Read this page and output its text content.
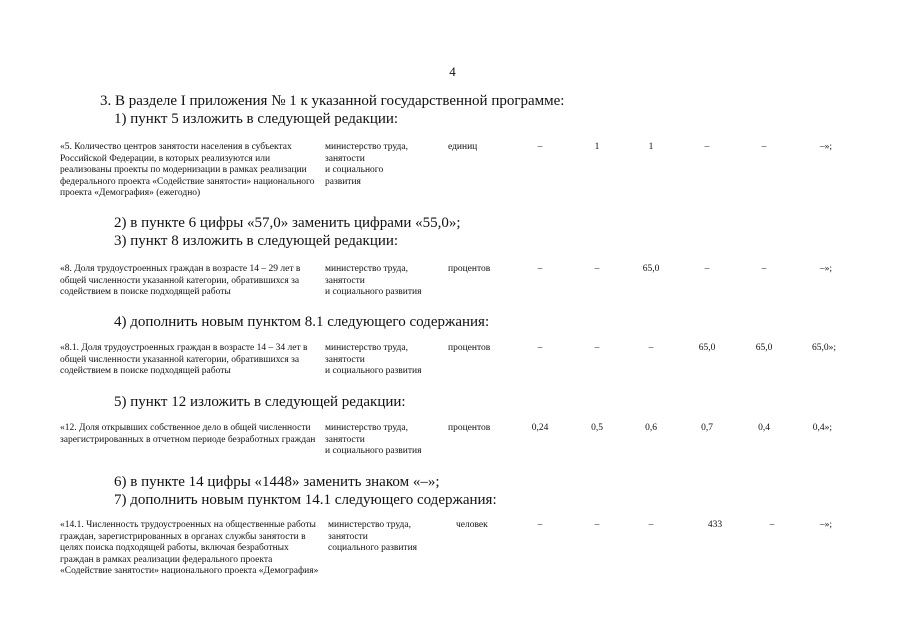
4
3. В разделе I приложения № 1 к указанной государственной программе:
1) пункт 5 изложить в следующей редакции:
«5. Количество центров занятости населения в субъектах Российской Федерации, в которых реализуются или реализованы проекты по модернизации в рамках реализации федерального проекта «Содействие занятости» национального проекта «Демография» (ежегодно)
министерство труда,
занятости
и социального
развития
единиц	–	1	1	–	–	–»;
2) в пункте 6 цифры «57,0» заменить цифрами «55,0»;
3) пункт 8 изложить в следующей редакции:
«8. Доля трудоустроенных граждан в возрасте 14 – 29 лет в общей численности указанной категории, обратившихся за содействием в поиске подходящей работы
министерство труда,
занятости
и социального развития
процентов	–	–	65,0	–	–	–»;
4) дополнить новым пунктом 8.1 следующего содержания:
«8.1. Доля трудоустроенных граждан в возрасте 14 – 34 лет в общей численности указанной категории, обратившихся за содействием в поиске подходящей работы
министерство труда,
занятости
и социального развития
процентов	–	–	–	65,0	65,0	65,0»;
5) пункт 12 изложить в следующей редакции:
«12. Доля открывших собственное дело в общей численности зарегистрированных в отчетном периоде безработных граждан
министерство труда,
занятости
и социального развития
процентов	0,24	0,5	0,6	0,7	0,4	0,4»;
6) в пункте 14 цифры «1448» заменить знаком «–»;
7) дополнить новым пунктом 14.1 следующего содержания:
«14.1. Численность трудоустроенных на общественные работы граждан, зарегистрированных в органах службы занятости в целях поиска подходящей работы, включая безработных граждан в рамках реализации федерального проекта «Содействие занятости» национального проекта «Демография»
министерство труда,
занятости
социального развития
человек	–	–	–	433	–	–»;
